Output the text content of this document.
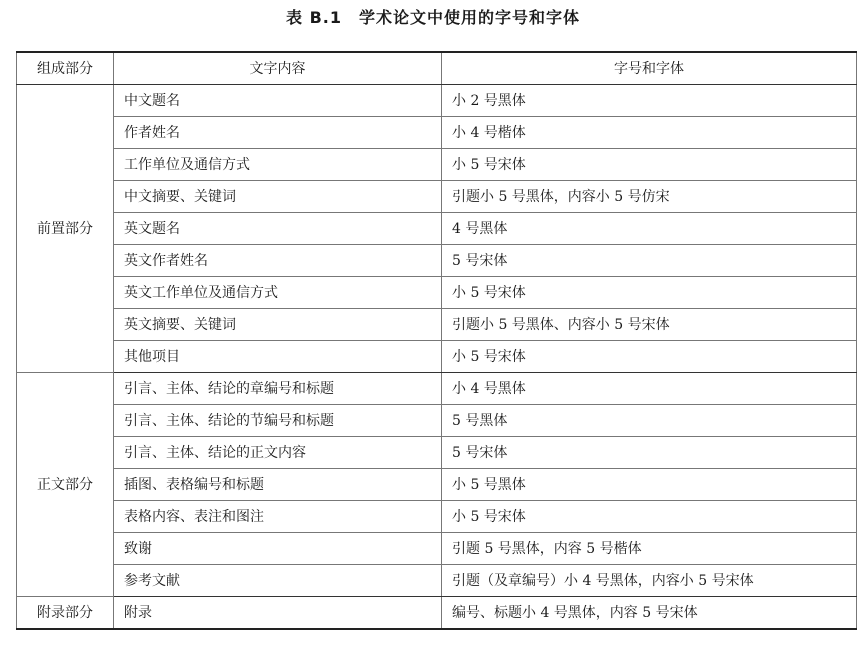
表 B.1　学术论文中使用的字号和字体
组成部分	文字内容	字号和字体
前置部分	中文题名	小 2 号黑体
	作者姓名	小 4 号楷体
	工作单位及通信方式	小 5 号宋体
	中文摘要、关键词	引题小 5 号黑体，内容小 5 号仿宋
	英文题名	4 号黑体
	英文作者姓名	5 号宋体
	英文工作单位及通信方式	小 5 号宋体
	英文摘要、关键词	引题小 5 号黑体、内容小 5 号宋体
	其他项目	小 5 号宋体
正文部分	引言、主体、结论的章编号和标题	小 4 号黑体
	引言、主体、结论的节编号和标题	5 号黑体
	引言、主体、结论的正文内容	5 号宋体
	插图、表格编号和标题	小 5 号黑体
	表格内容、表注和图注	小 5 号宋体
	致谢	引题 5 号黑体，内容 5 号楷体
	参考文献	引题（及章编号）小 4 号黑体，内容小 5 号宋体
附录部分	附录	编号、标题小 4 号黑体，内容 5 号宋体
